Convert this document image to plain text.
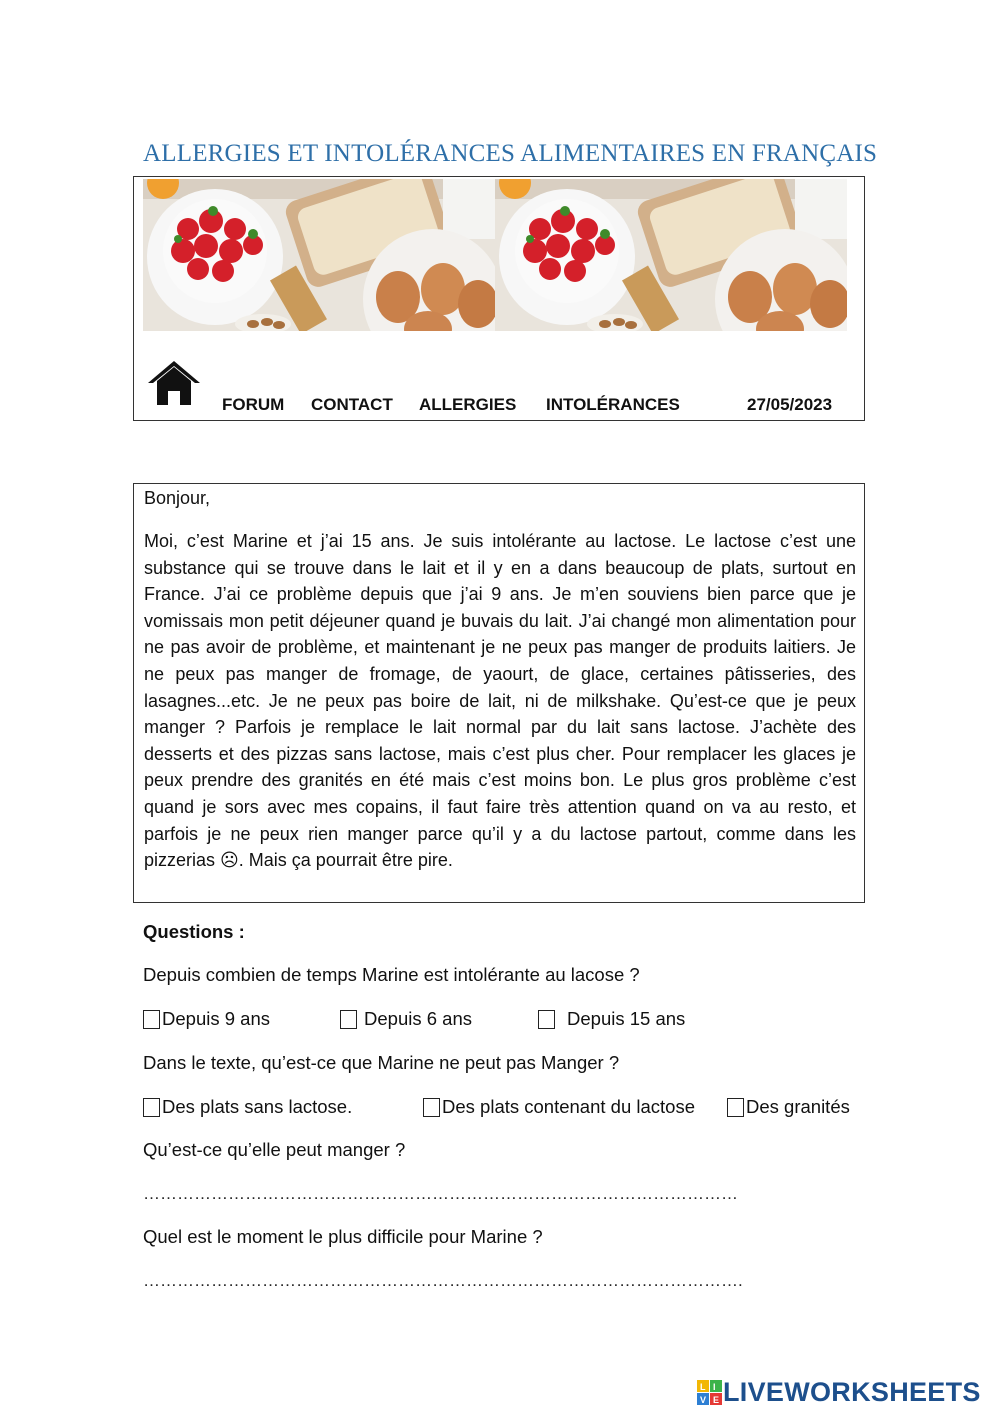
ALLERGIES ET INTOLÉRANCES ALIMENTAIRES EN FRANÇAIS
FORUM CONTACT ALLERGIES INTOLÉRANCES	27/05/2023
Bonjour,
Moi, c’est Marine et j’ai 15 ans. Je suis intolérante au lactose. Le lactose c’est une substance qui se trouve dans le lait et il y en a dans beaucoup de plats, surtout en France. J’ai ce problème depuis que j’ai 9 ans. Je m’en souviens bien parce que je vomissais mon petit déjeuner quand je buvais du lait. J’ai changé mon alimentation pour ne pas avoir de problème, et maintenant je ne peux pas manger de produits laitiers. Je ne peux pas manger de fromage, de yaourt, de glace, certaines pâtisseries, des lasagnes...etc. Je ne peux pas boire de lait, ni de milkshake. Qu’est-ce que je peux manger ? Parfois je remplace le lait normal par du lait sans lactose. J’achète des desserts et des pizzas sans lactose, mais c’est plus cher. Pour remplacer les glaces je peux prendre des granités en été mais c’est moins bon. Le plus gros problème c’est quand je sors avec mes copains, il faut faire très attention quand on va au resto, et parfois je ne peux rien manger parce qu’il y a du lactose partout, comme dans les pizzerias ☹. Mais ça pourrait être pire.
Questions :
Depuis combien de temps Marine est intolérante au lacose ?
Depuis 9 ans	Depuis 6 ans	Depuis 15 ans
Dans le texte, qu’est-ce que Marine ne peut pas Manger ?
Des plats sans lactose.	Des plats contenant du lactose	Des granités
Qu’est-ce qu’elle peut manger ?
……………………………………………………………………………………………
Quel est le moment le plus difficile pour Marine ?
…………………………………………………………………………………………….
L I
V E LIVEWORKSHEETS
